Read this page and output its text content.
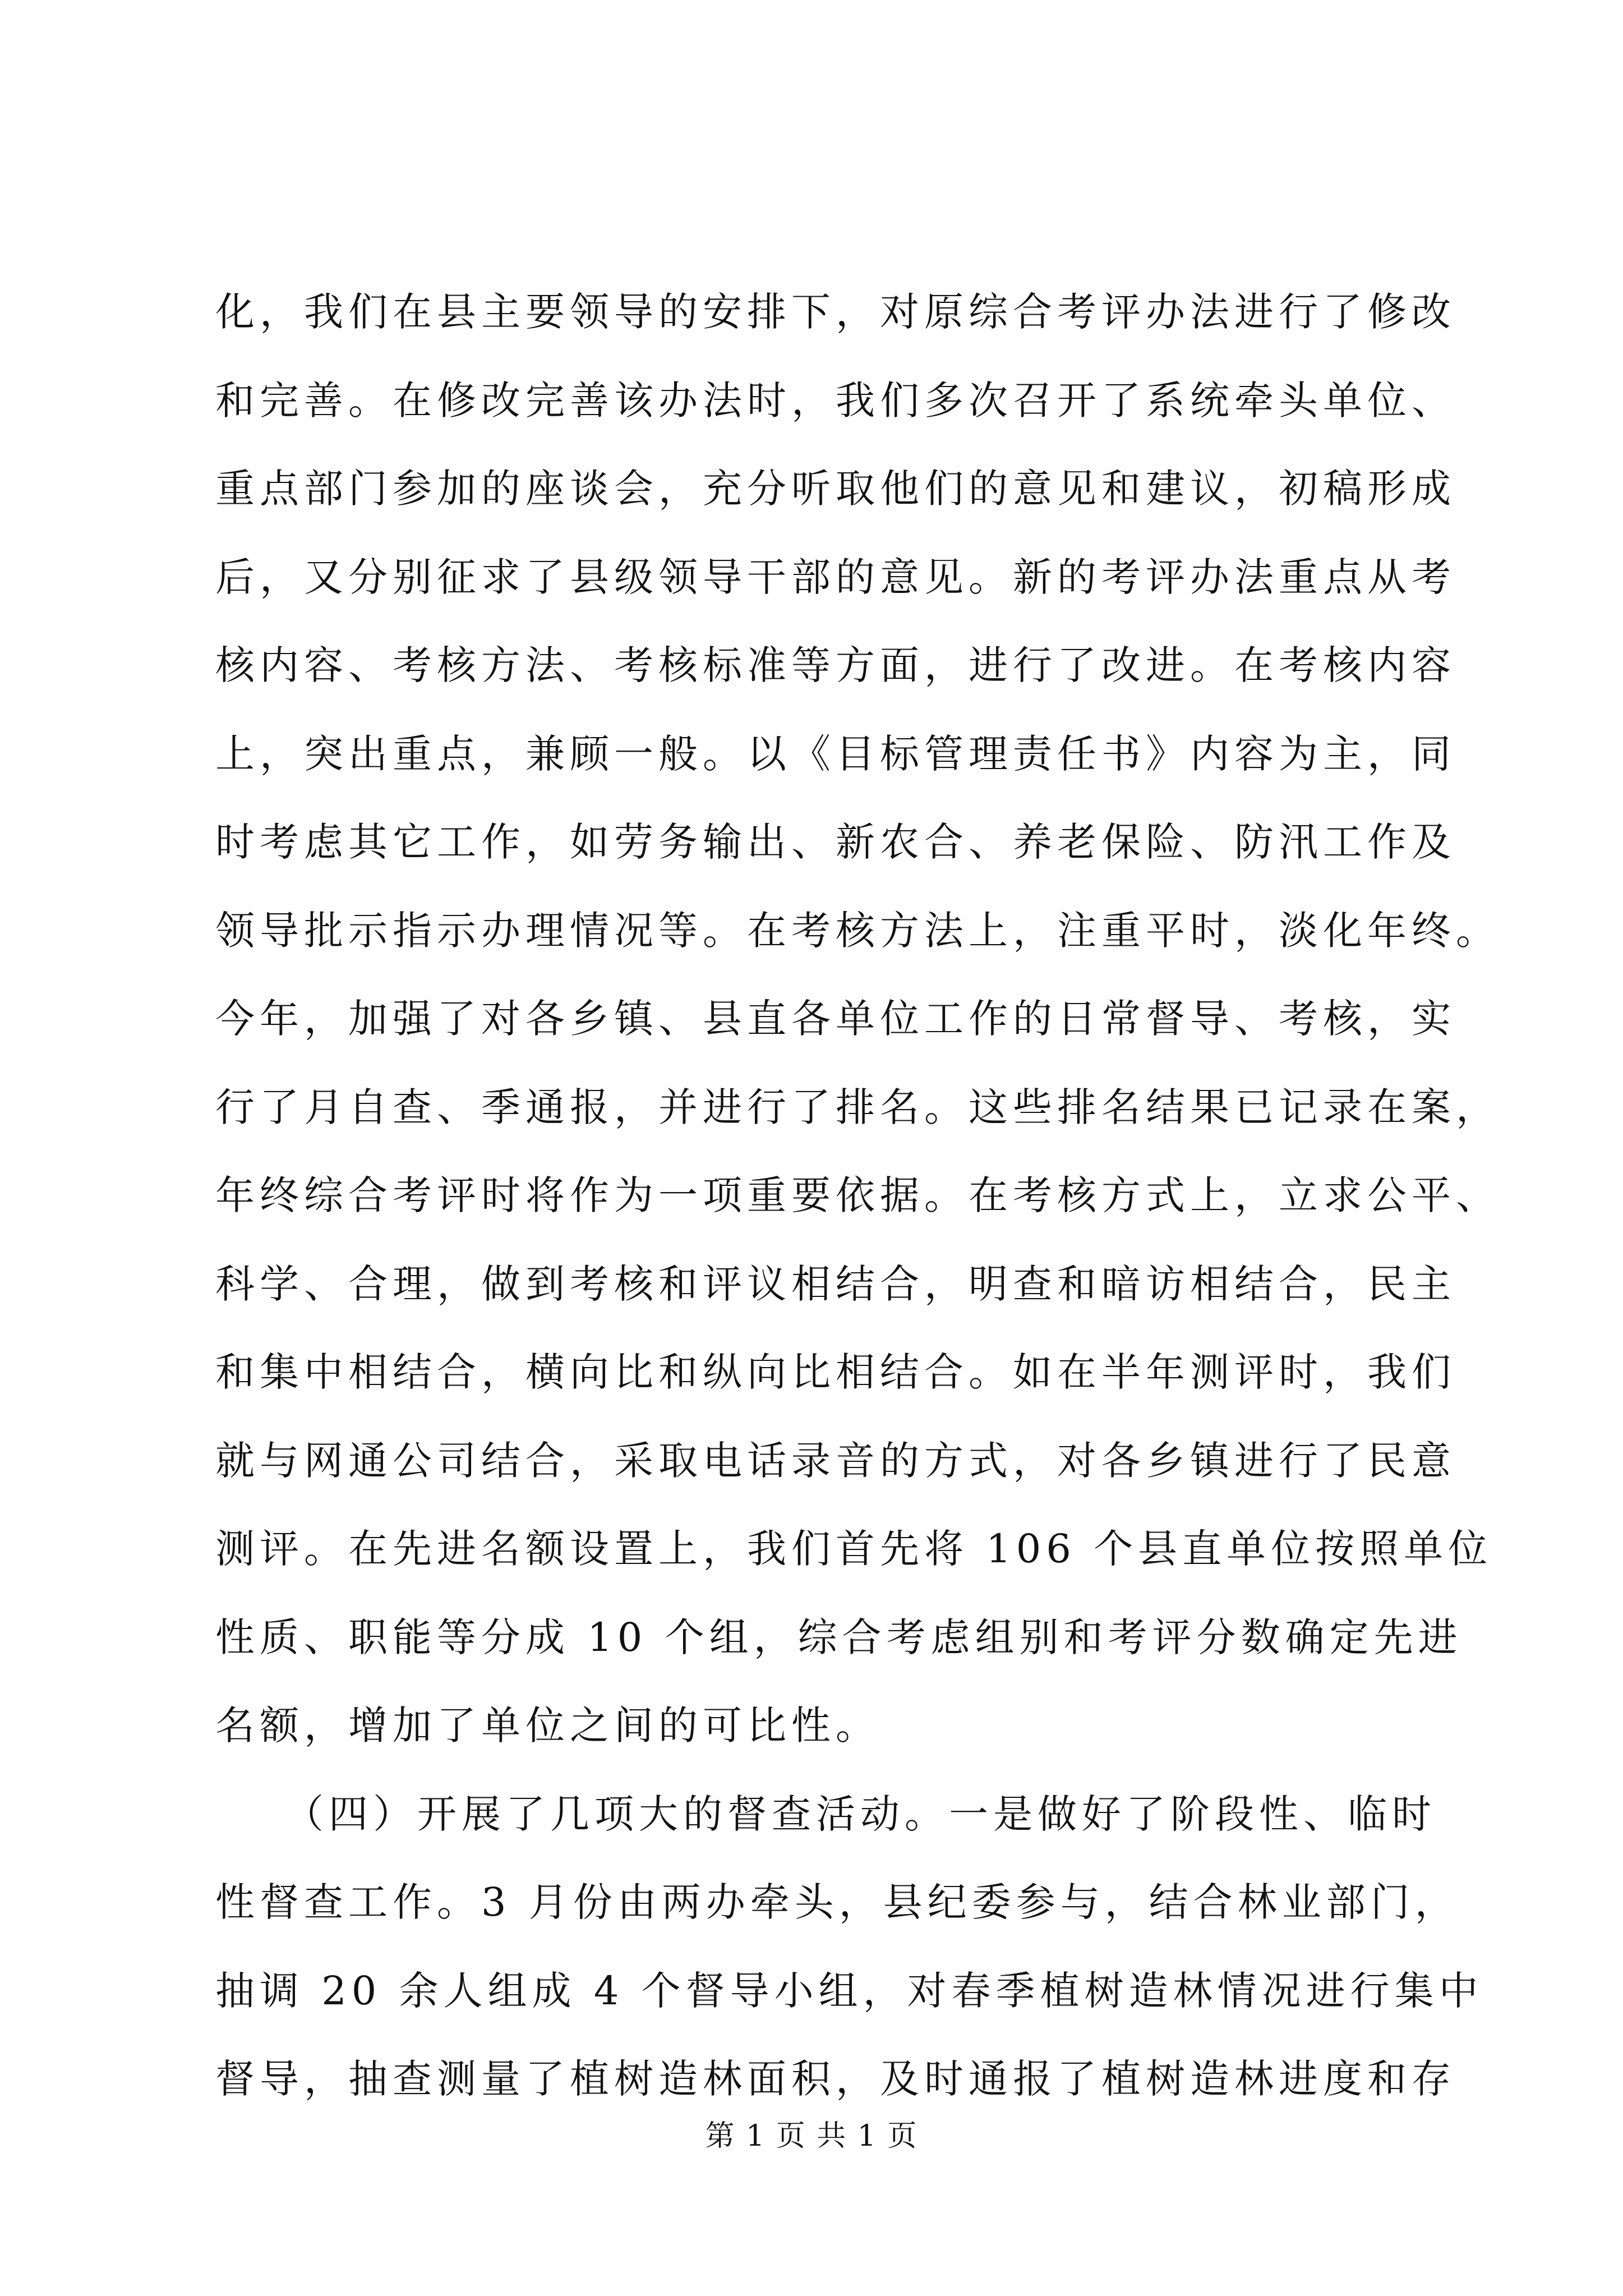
化，我们在县主要领导的安排下，对原综合考评办法进行了修改
和完善。在修改完善该办法时，我们多次召开了系统牵头单位、
重点部门参加的座谈会，充分听取他们的意见和建议，初稿形成
后，又分别征求了县级领导干部的意见。新的考评办法重点从考
核内容、考核方法、考核标准等方面，进行了改进。在考核内容
上，突出重点，兼顾一般。以《目标管理责任书》内容为主，同
时考虑其它工作，如劳务输出、新农合、养老保险、防汛工作及
领导批示指示办理情况等。在考核方法上，注重平时，淡化年终。
今年，加强了对各乡镇、县直各单位工作的日常督导、考核，实
行了月自查、季通报，并进行了排名。这些排名结果已记录在案，
年终综合考评时将作为一项重要依据。在考核方式上，立求公平、
科学、合理，做到考核和评议相结合，明查和暗访相结合，民主
和集中相结合，横向比和纵向比相结合。如在半年测评时，我们
就与网通公司结合，采取电话录音的方式，对各乡镇进行了民意
测评。在先进名额设置上，我们首先将 106 个县直单位按照单位
性质、职能等分成 10 个组，综合考虑组别和考评分数确定先进
名额，增加了单位之间的可比性。
　　（四）开展了几项大的督查活动。一是做好了阶段性、临时
性督查工作。3 月份由两办牵头，县纪委参与，结合林业部门，
抽调 20 余人组成 4 个督导小组，对春季植树造林情况进行集中
督导，抽查测量了植树造林面积，及时通报了植树造林进度和存
第 1 页 共 1 页
